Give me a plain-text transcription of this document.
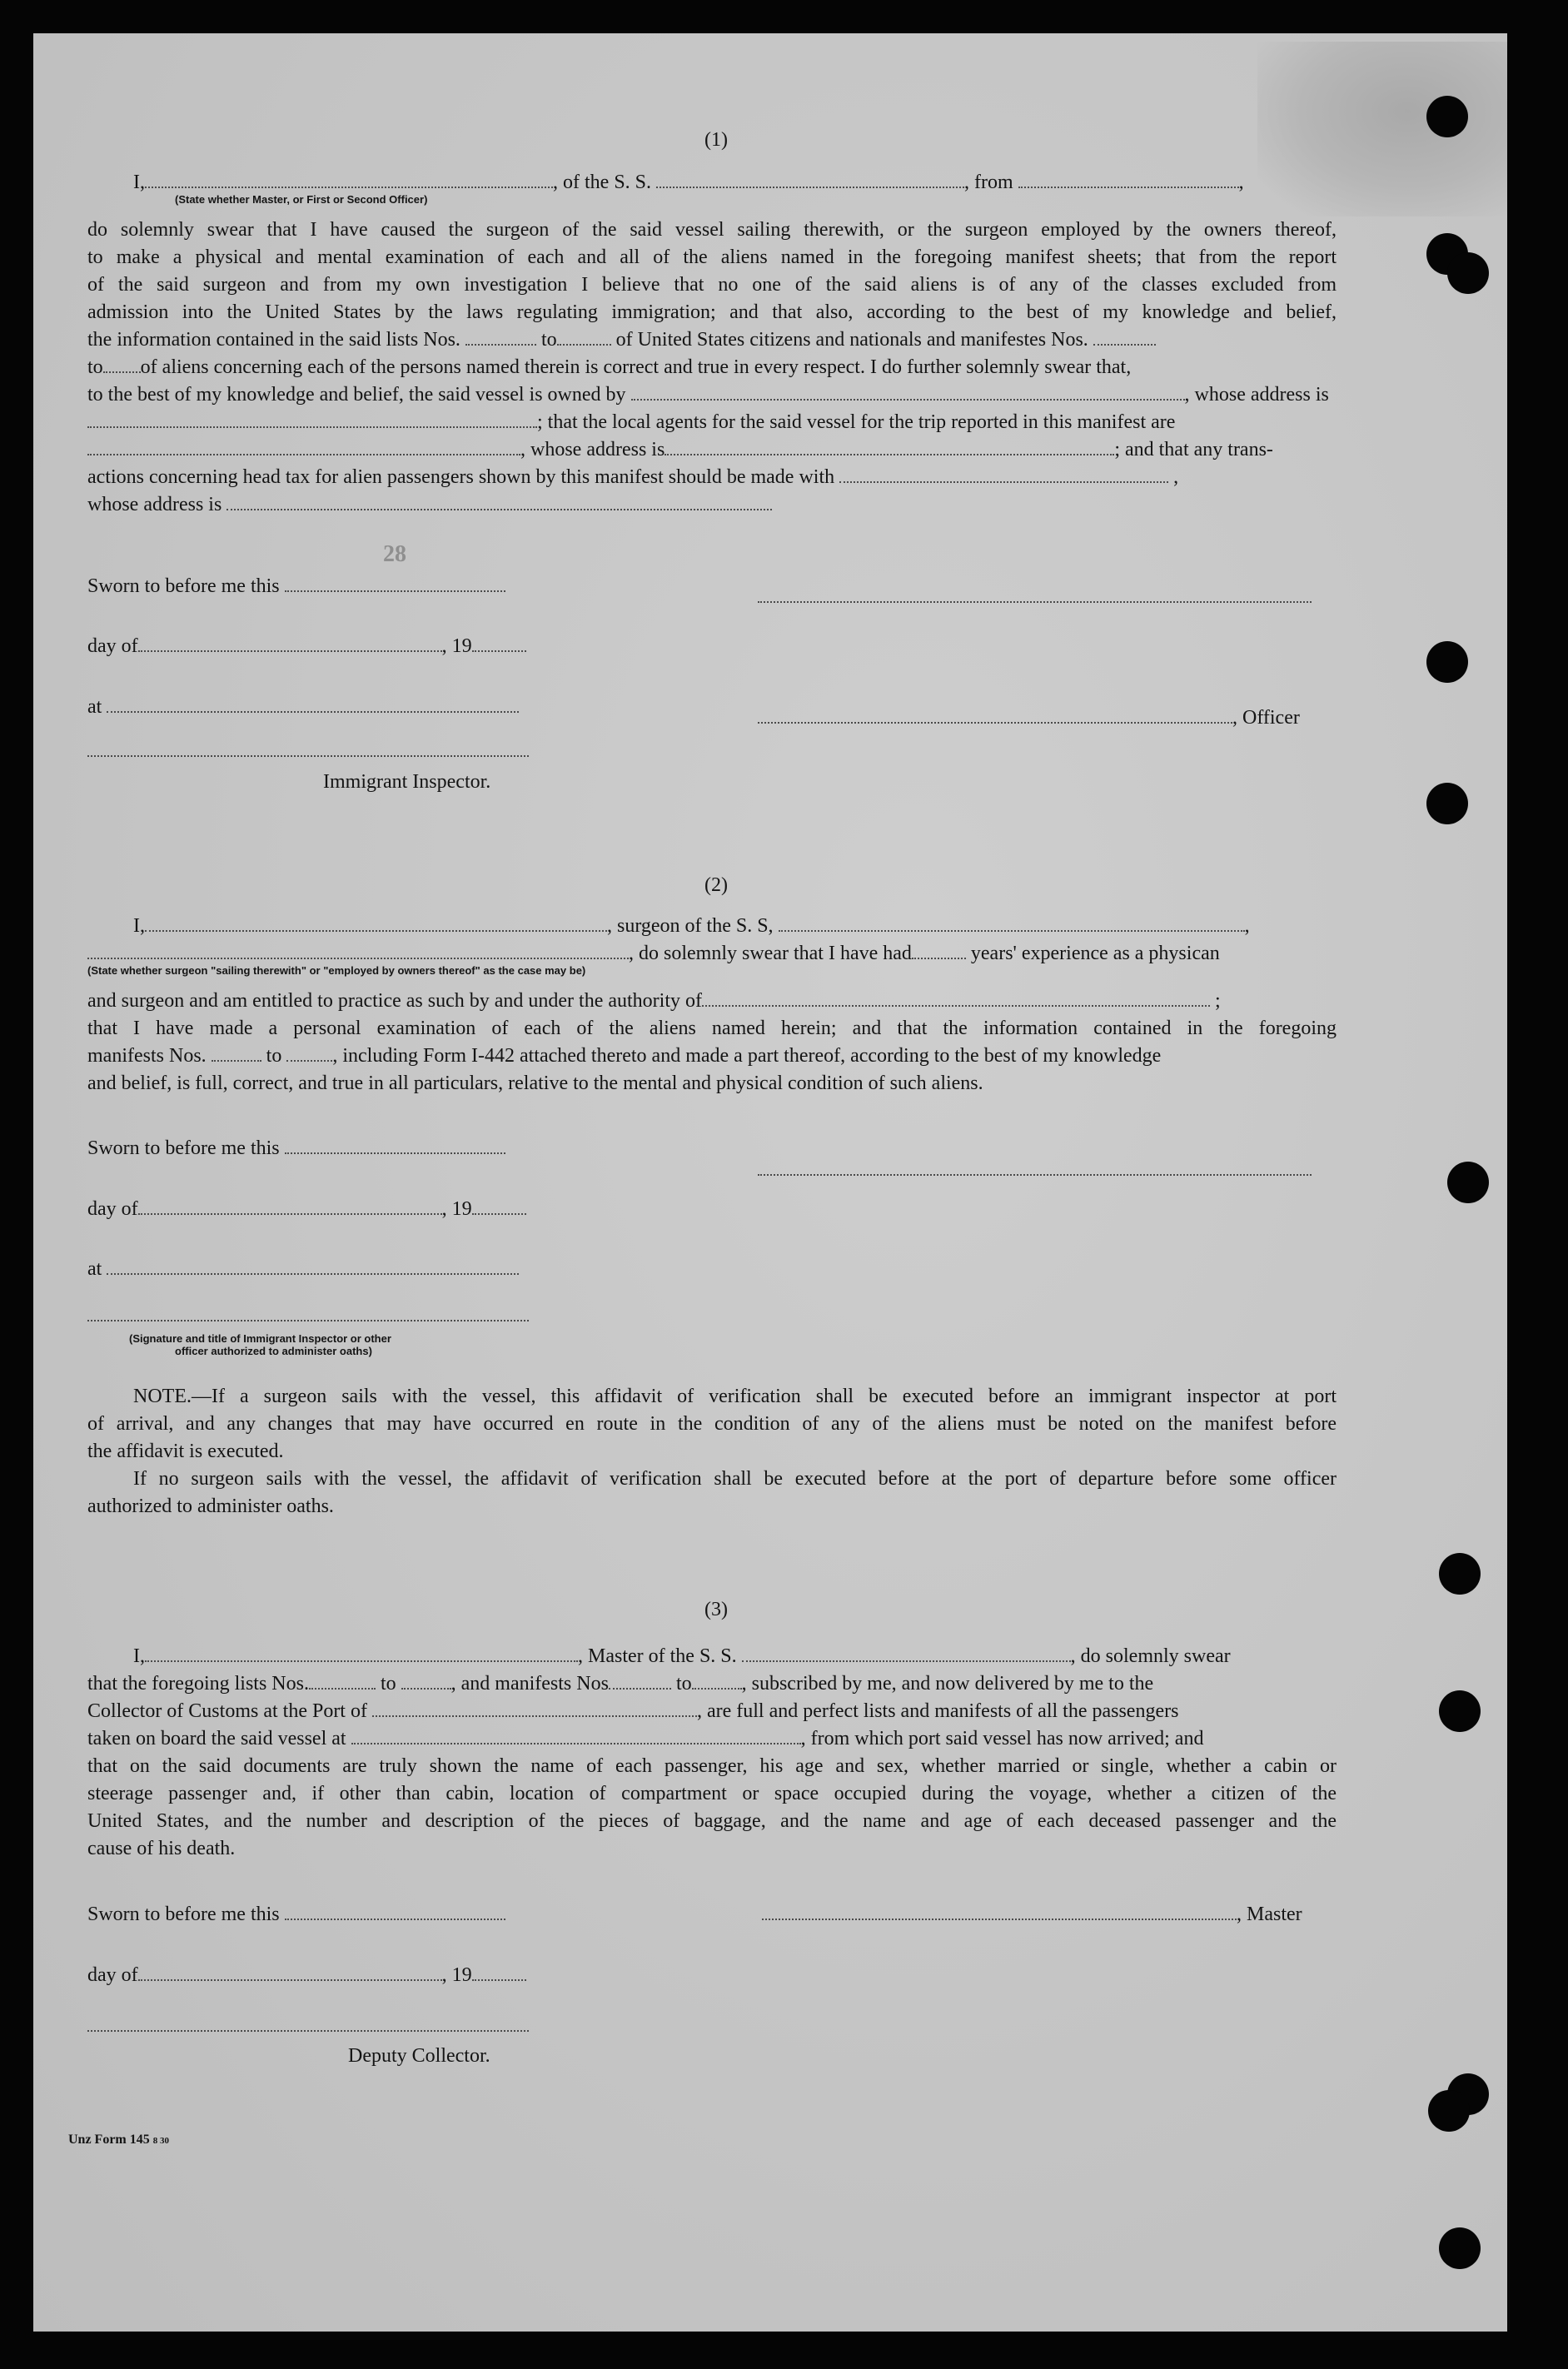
(1)
I,	, of the S. S.	, from	,
(State whether Master, or First or Second Officer)
do solemnly swear that I have caused the surgeon of the said vessel sailing therewith, or the surgeon employed by the owners thereof,
to make a physical and mental examination of each and all of the aliens named in the foregoing manifest sheets; that from the report
of the said surgeon and from my own investigation I believe that no one of the said aliens is of any of the classes excluded from
admission into the United States by the laws regulating immigration; and that also, according to the best of my knowledge and belief,
the information contained in the said lists Nos.	to	of United States citizens and nationals and manifestes Nos.
to of aliens concerning each of the persons named therein is correct and true in every respect. I do further solemnly swear that,
to the best of my knowledge and belief, the said vessel is owned by	, whose address is
; that the local agents for the said vessel for the trip reported in this manifest are
, whose address is	; and that any trans-
actions concerning head tax for alien passengers shown by this manifest should be made with	,
whose address is
28
Sworn to before me this
day of	, 19
at	, Officer
Immigrant Inspector.
(2)
I,	, surgeon of the S. S,	,
, do solemnly swear that I have had	years' experience as a physican
(State whether surgeon "sailing therewith" or "employed by owners thereof" as the case may be)
and surgeon and am entitled to practice as such by and under the authority of	;
that I have made a personal examination of each of the aliens named herein; and that the information contained in the foregoing
manifests Nos.	to	, including Form I-442 attached thereto and made a part thereof, according to the best of my knowledge
and belief, is full, correct, and true in all particulars, relative to the mental and physical condition of such aliens.
Sworn to before me this
day of	, 19
at
(Signature and title of Immigrant Inspector or other
officer authorized to administer oaths)
NOTE.—If a surgeon sails with the vessel, this affidavit of verification shall be executed before an immigrant inspector at port
of arrival, and any changes that may have occurred en route in the condition of any of the aliens must be noted on the manifest before
the affidavit is executed.
If no surgeon sails with the vessel, the affidavit of verification shall be executed before at the port of departure before some officer
authorized to administer oaths.
(3)
I,	, Master of the S. S.	, do solemnly swear
that the foregoing lists Nos.	to	, and manifests Nos	to	, subscribed by me, and now delivered by me to the
Collector of Customs at the Port of	, are full and perfect lists and manifests of all the passengers
taken on board the said vessel at	, from which port said vessel has now arrived; and
that on the said documents are truly shown the name of each passenger, his age and sex, whether married or single, whether a cabin or
steerage passenger and, if other than cabin, location of compartment or space occupied during the voyage, whether a citizen of the
United States, and the number and description of the pieces of baggage, and the name and age of each deceased passenger and the
cause of his death.
Sworn to before me this	, Master
day of	, 19
Deputy Collector.
Unz Form 145 8 30
